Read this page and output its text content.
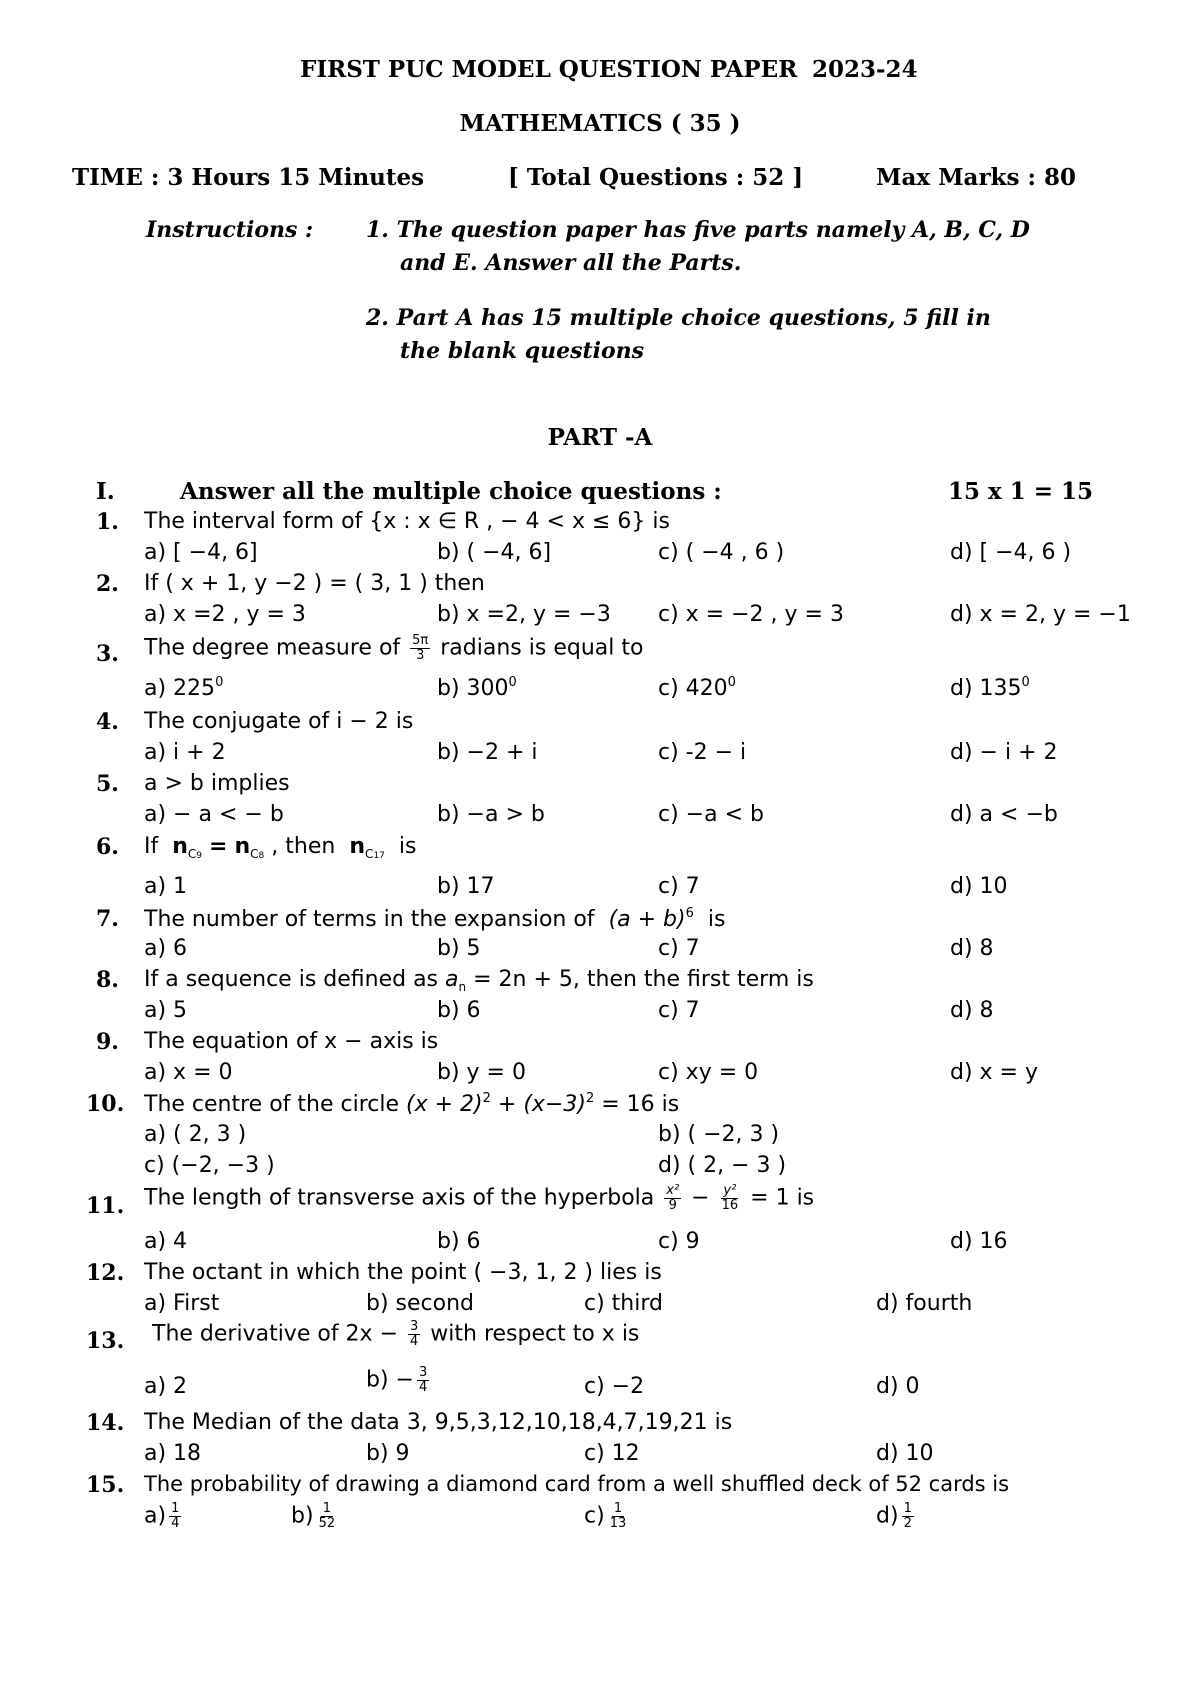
FIRST PUC MODEL QUESTION PAPER 2023-24
MATHEMATICS ( 35 )
TIME : 3 Hours 15 Minutes	[ Total Questions : 52 ]	Max Marks : 80
Instructions : 1. The question paper has five parts namely A, B, C, D
and E. Answer all the Parts.
2. Part A has 15 multiple choice questions, 5 fill in
the blank questions
PART -A
I.	Answer all the multiple choice questions :	15 x 1 = 15
1. The interval form of {x : x ∈ R , − 4 < x ≤ 6} is
a) [ −4, 6]	b) ( −4, 6]	c) ( −4 , 6 )	d) [ −4, 6 )
2. If ( x + 1, y −2 ) = ( 3, 1 ) then
a) x =2 , y = 3	b) x =2, y = −3 c) x = −2 , y = 3	d) x = 2, y = −1
3. The degree measure of $\frac{5\pi}{3}$ radians is equal to
a) $225^0$	b) $300^0$	c) $420^0$	d) $135^0$
4. The conjugate of i − 2 is
a) i + 2	b) −2 + i	c) -2 − i	d) − i + 2
5. a > b implies
a) − a < − b	b) −a > b	c) −a < b	d) a < −b
6. If $n_{C9} = n_{C8}$ , then $n_{C17}$ is
a) 1	b) 17	c) 7	d) 10
7. The number of terms in the expansion of $(a + b)^6$ is
a) 6	b) 5	c) 7	d) 8
8. If a sequence is defined as $a_n = 2n + 5$, then the first term is
a) 5	b) 6	c) 7	d) 8
9. The equation of x − axis is
a) x = 0	b) y = 0	c) xy = 0	d) x = y
10. The centre of the circle $(x + 2)^2 + (x-3)^2 = 16$ is
a) ( 2, 3 )	b) ( −2, 3 )
c) (−2, −3 )	d) ( 2, − 3 )
11. The length of transverse axis of the hyperbola $\frac{\text{x²}}{9} - \frac{\text{y²}}{16} = 1$ is
a) 4	b) 6	c) 9	d) 16
12. The octant in which the point ( −3, 1, 2 ) lies is
a) First	b) second	c) third	d) fourth
13. The derivative of $2x - \frac{3}{4}$ with respect to x is
a) 2	$b) - \frac{3}{4}$	c) −2	d) 0
14. The Median of the data 3, 9,5,3,12,10,18,4,7,19,21 is
a) 18	b) 9	c) 12	d) 10
15. The probability of drawing a diamond card from a well shuffled deck of 52 cards is
$a) \frac{1}{4}$	$b) \frac{1}{52}$	$c) \frac{1}{13}$	$d) \frac{1}{2}$
